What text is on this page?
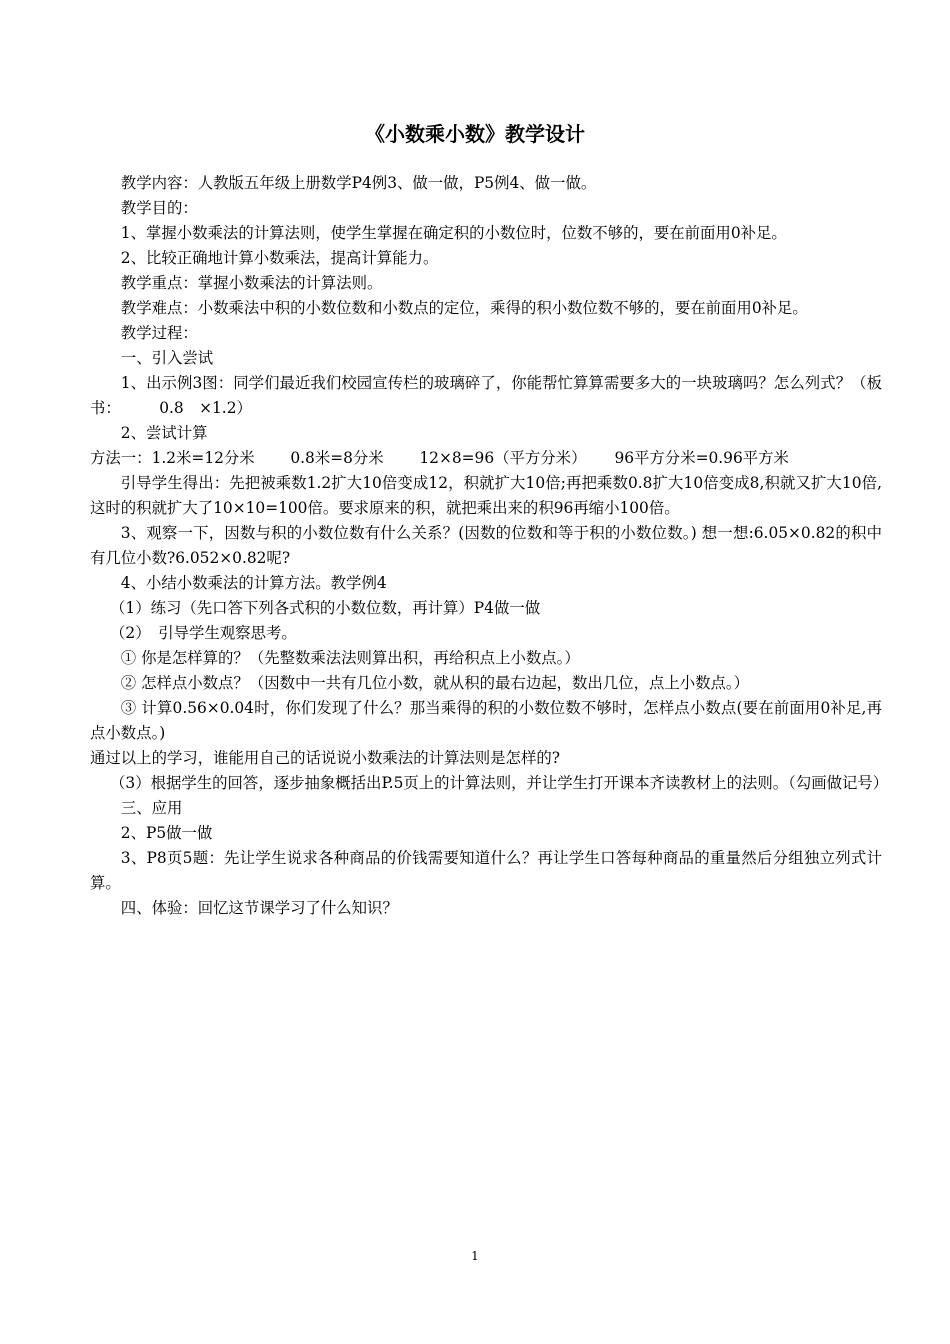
《小数乘小数》教学设计

教学内容：人教版五年级上册数学P4例3、做一做，P5例4、做一做。

教学目的：

1、掌握小数乘法的计算法则，使学生掌握在确定积的小数位时，位数不够的，要在前面用0补足。

2、比较正确地计算小数乘法，提高计算能力。

教学重点：掌握小数乘法的计算法则。

教学难点：小数乘法中积的小数位数和小数点的定位，乘得的积小数位数不够的，要在前面用0补足。

教学过程：

一、引入尝试

1、出示例3图：同学们最近我们校园宣传栏的玻璃碎了，你能帮忙算算需要多大的一块玻璃吗？怎么列式？（板书：　　　0.8　×1.2）

2、尝试计算

方法一：1.2米=12分米　　 0.8米=8分米　　 12×8=96（平方分米）　　 96平方分米=0.96平方米

引导学生得出：先把被乘数1.2扩大10倍变成12，积就扩大10倍;再把乘数0.8扩大10倍变成8,积就又扩大10倍,这时的积就扩大了10×10=100倍。要求原来的积，就把乘出来的积96再缩小100倍。

3、观察一下，因数与积的小数位数有什么关系？(因数的位数和等于积的小数位数。) 想一想:6.05×0.82的积中有几位小数?6.052×0.82呢?

4、小结小数乘法的计算方法。教学例4

（1）练习（先口答下列各式积的小数位数，再计算）P4做一做

（2）　引导学生观察思考。

① 你是怎样算的？（先整数乘法法则算出积，再给积点上小数点。）

② 怎样点小数点？（因数中一共有几位小数，就从积的最右边起，数出几位，点上小数点。）

③ 计算0.56×0.04时，你们发现了什么？那当乘得的积的小数位数不够时，怎样点小数点(要在前面用0补足,再点小数点。)

通过以上的学习，谁能用自己的话说说小数乘法的计算法则是怎样的?

（3）根据学生的回答，逐步抽象概括出P.5页上的计算法则，并让学生打开课本齐读教材上的法则。（勾画做记号）

三、应用

2、P5做一做

3、P8页5题：先让学生说求各种商品的价钱需要知道什么？再让学生口答每种商品的重量然后分组独立列式计算。

四、体验：回忆这节课学习了什么知识？

1
